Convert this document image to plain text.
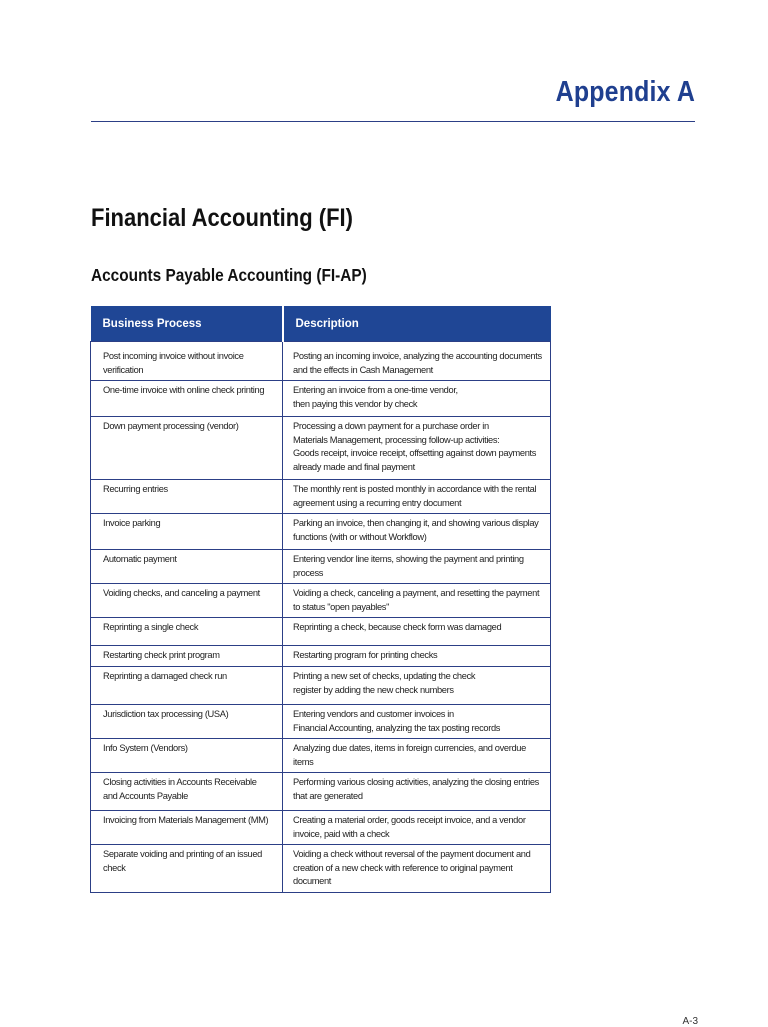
Appendix A
Financial Accounting (FI)
Accounts Payable Accounting (FI-AP)
Business Process	Description
Post incoming invoice without invoice verification	Posting an incoming invoice, analyzing the accounting documents and the effects in Cash Management
One-time invoice with online check printing	Entering an invoice from a one-time vendor,
then paying this vendor by check
Down payment processing (vendor)	Processing a down payment for a purchase order in
Materials Management, processing follow-up activities:
Goods receipt, invoice receipt, offsetting against down payments
already made and final payment
Recurring entries	The monthly rent is posted monthly in accordance with the rental agreement using a recurring entry document
Invoice parking	Parking an invoice, then changing it, and showing various display functions (with or without Workflow)
Automatic payment	Entering vendor line items, showing the payment and printing process
Voiding checks, and canceling a payment	Voiding a check, canceling a payment, and resetting the payment
to status "open payables"
Reprinting a single check	Reprinting a check, because check form was damaged
Restarting check print program	Restarting program for printing checks
Reprinting a damaged check run	Printing a new set of checks, updating the check
register by adding the new check numbers
Jurisdiction tax processing (USA)	Entering vendors and customer invoices in
Financial Accounting, analyzing the tax posting records
Info System (Vendors)	Analyzing due dates, items in foreign currencies, and overdue items
Closing activities in Accounts Receivable
and Accounts Payable	Performing various closing activities, analyzing the closing entries that are generated
Invoicing from Materials Management (MM)	Creating a material order, goods receipt invoice, and a vendor invoice, paid with a check
Separate voiding and printing of an issued check	Voiding a check without reversal of the payment document and creation of a new check with reference to original payment document
A-3
